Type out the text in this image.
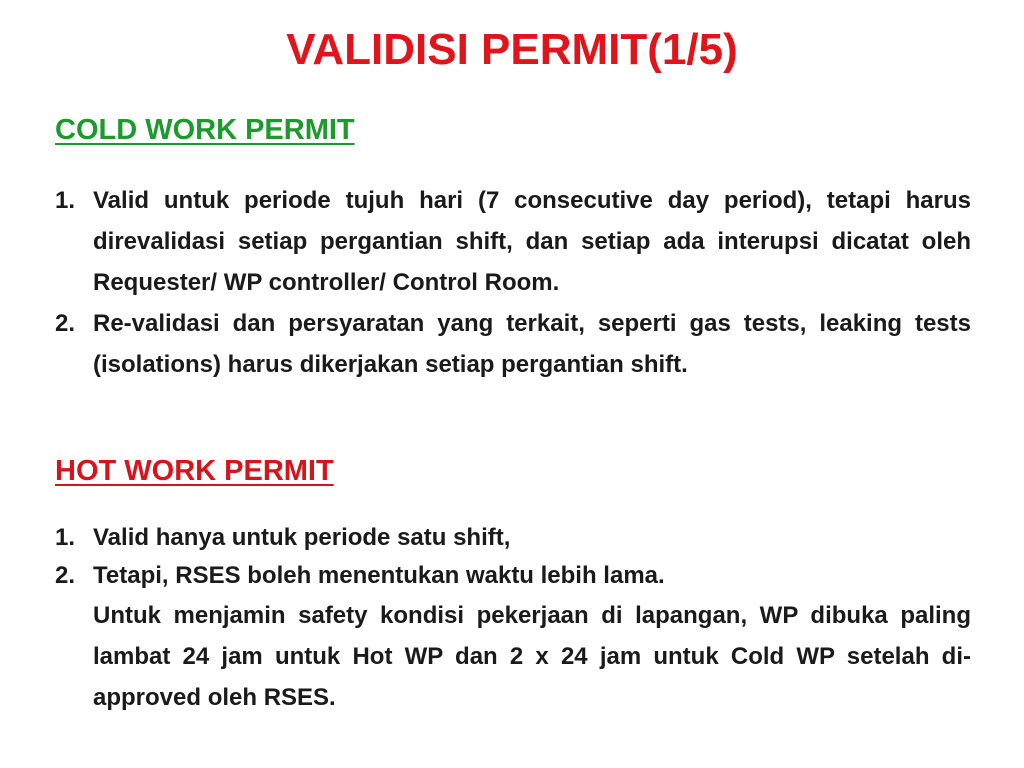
VALIDISI PERMIT(1/5)
COLD WORK PERMIT
1. Valid untuk periode tujuh hari (7 consecutive day period), tetapi harus direvalidasi setiap pergantian shift, dan setiap ada interupsi dicatat oleh Requester/ WP controller/ Control Room.
2. Re-validasi dan persyaratan yang terkait, seperti gas tests, leaking tests (isolations) harus dikerjakan setiap pergantian shift.
HOT WORK PERMIT
1. Valid hanya untuk periode satu shift,
2. Tetapi, RSES boleh menentukan waktu lebih lama.
Untuk menjamin safety kondisi pekerjaan di lapangan, WP dibuka paling lambat 24 jam untuk Hot WP dan 2 x 24 jam untuk Cold WP setelah di-approved oleh RSES.
